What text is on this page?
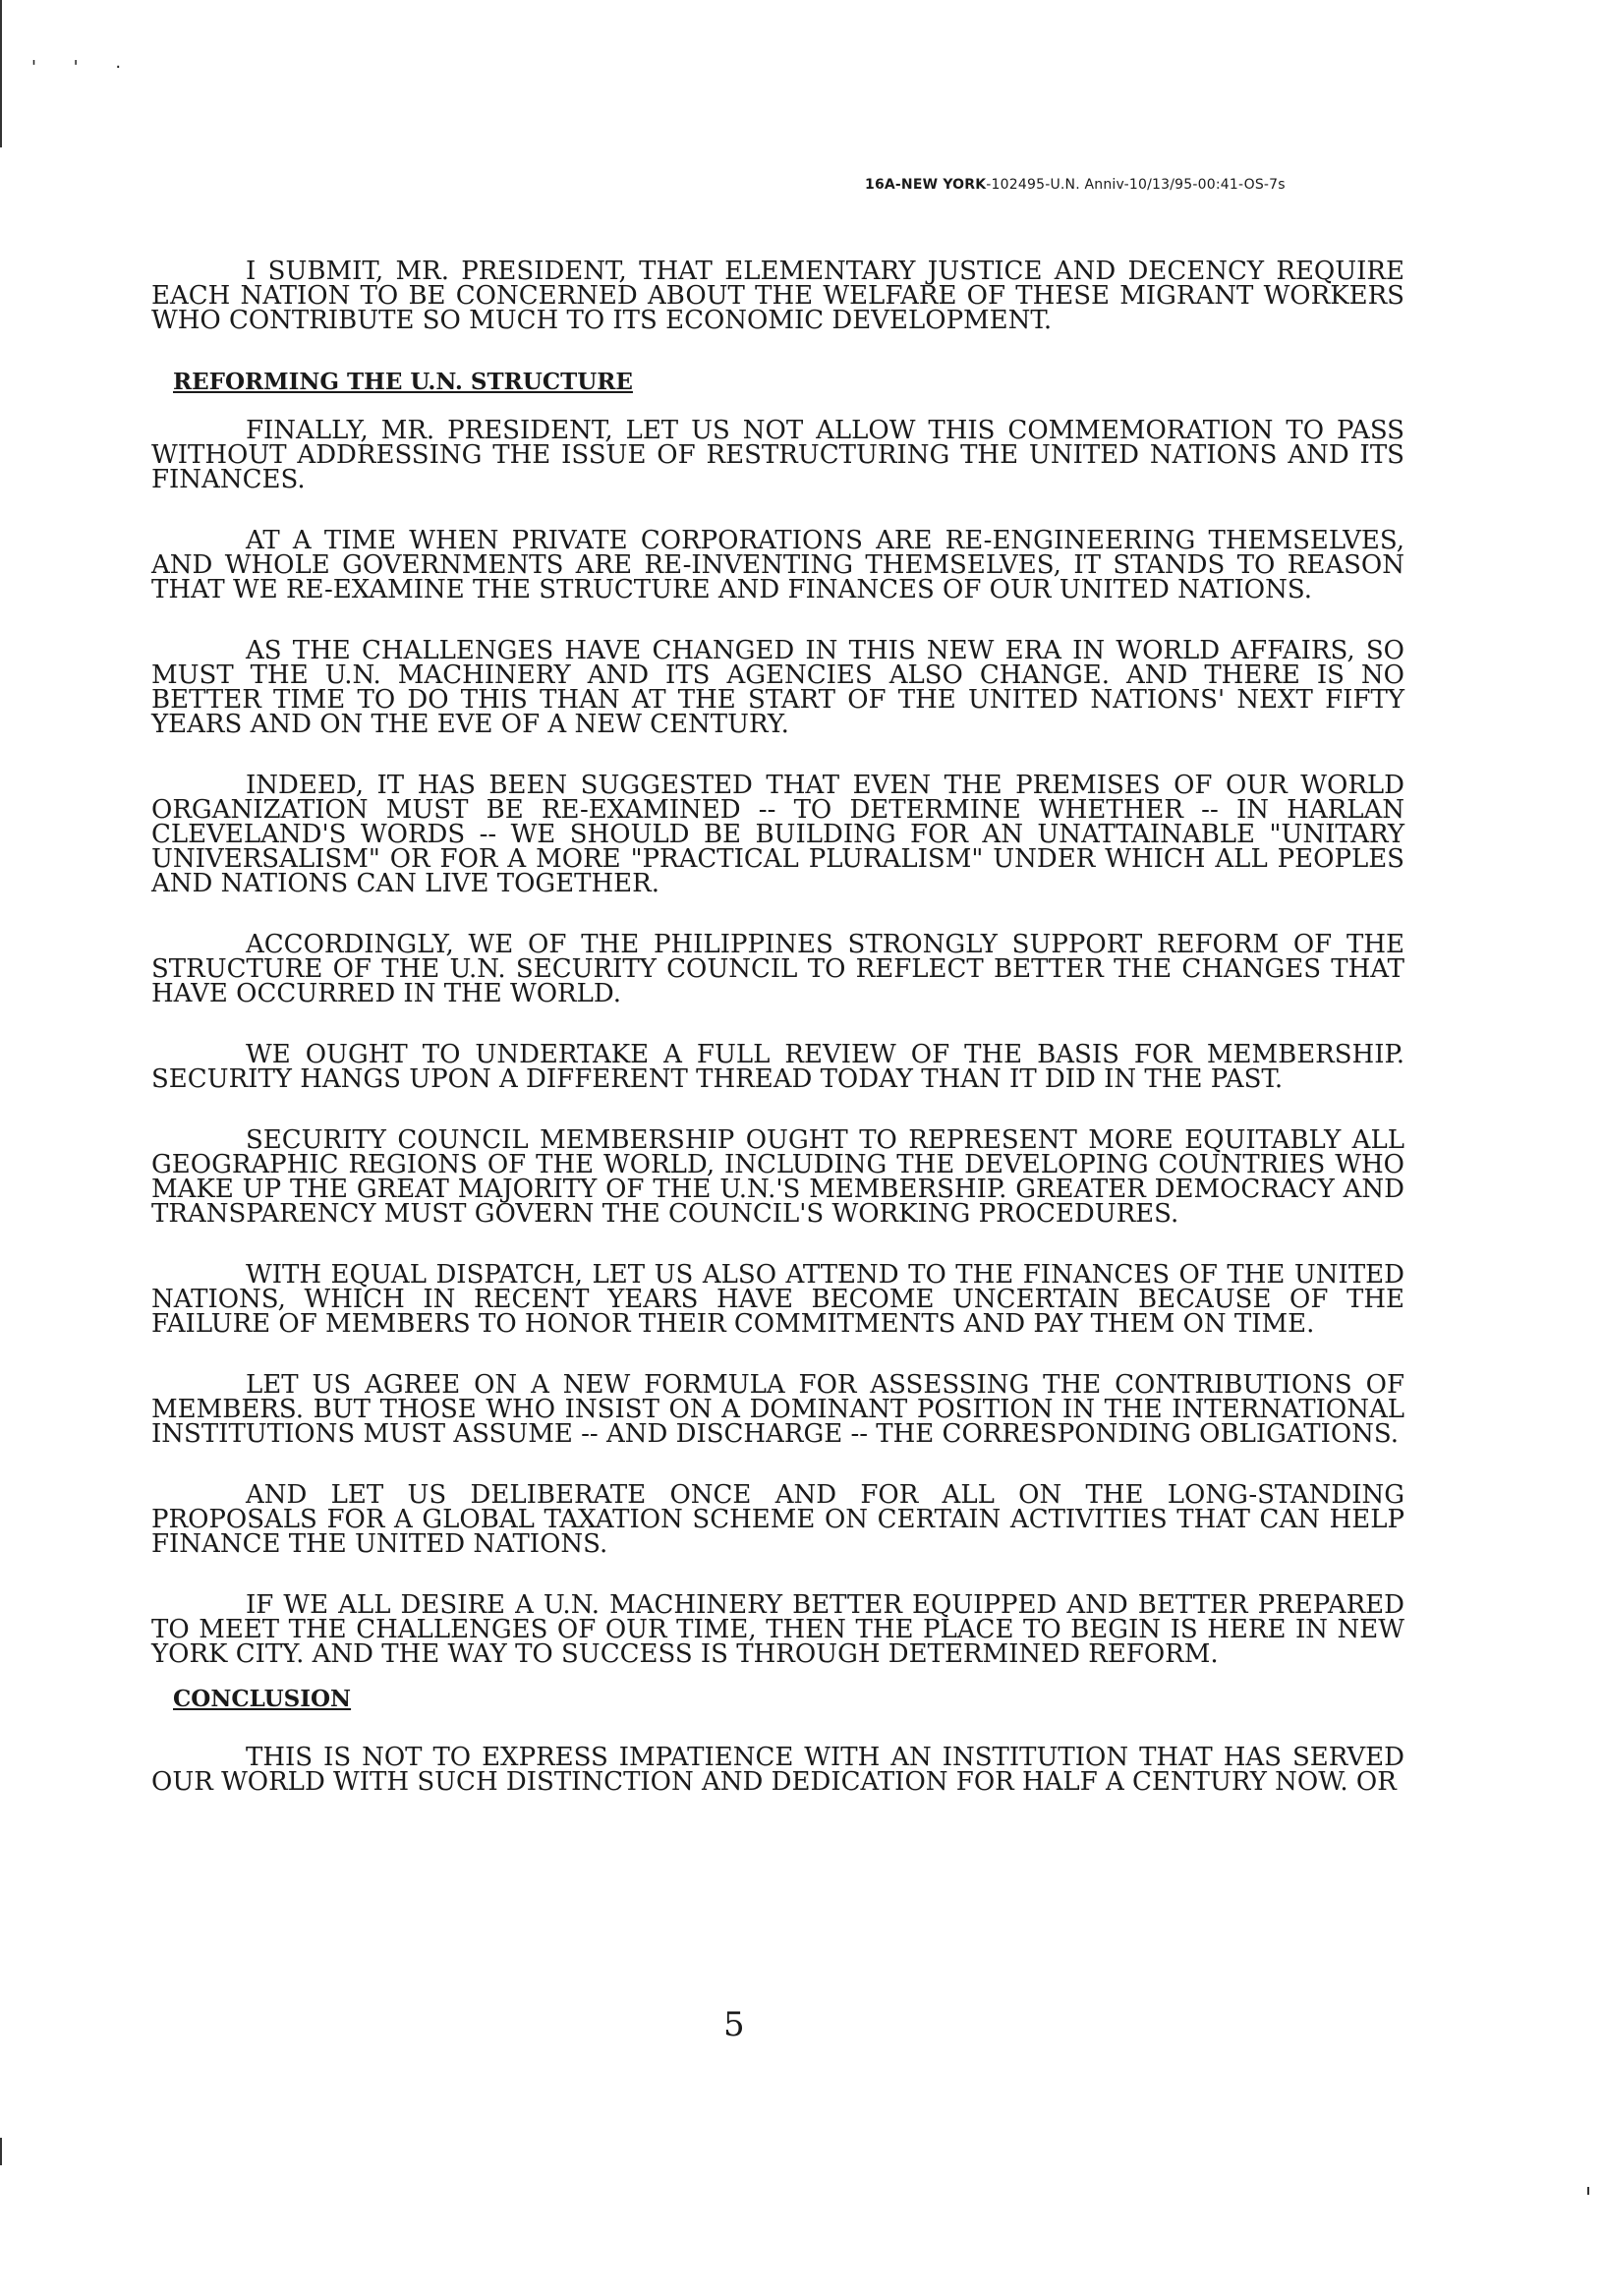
' ' ·
16A-NEW YORK-102495-U.N. Anniv-10/13/95-00:41-OS-7s

I SUBMIT, MR. PRESIDENT, THAT ELEMENTARY JUSTICE AND DECENCY REQUIRE EACH NATION TO BE CONCERNED ABOUT THE WELFARE OF THESE MIGRANT WORKERS WHO CONTRIBUTE SO MUCH TO ITS ECONOMIC DEVELOPMENT.

REFORMING THE U.N. STRUCTURE

FINALLY, MR. PRESIDENT, LET US NOT ALLOW THIS COMMEMORATION TO PASS WITHOUT ADDRESSING THE ISSUE OF RESTRUCTURING THE UNITED NATIONS AND ITS FINANCES.

AT A TIME WHEN PRIVATE CORPORATIONS ARE RE-ENGINEERING THEMSELVES, AND WHOLE GOVERNMENTS ARE RE-INVENTING THEMSELVES, IT STANDS TO REASON THAT WE RE-EXAMINE THE STRUCTURE AND FINANCES OF OUR UNITED NATIONS.

AS THE CHALLENGES HAVE CHANGED IN THIS NEW ERA IN WORLD AFFAIRS, SO MUST THE U.N. MACHINERY AND ITS AGENCIES ALSO CHANGE. AND THERE IS NO BETTER TIME TO DO THIS THAN AT THE START OF THE UNITED NATIONS' NEXT FIFTY YEARS AND ON THE EVE OF A NEW CENTURY.

INDEED, IT HAS BEEN SUGGESTED THAT EVEN THE PREMISES OF OUR WORLD ORGANIZATION MUST BE RE-EXAMINED -- TO DETERMINE WHETHER -- IN HARLAN CLEVELAND'S WORDS -- WE SHOULD BE BUILDING FOR AN UNATTAINABLE "UNITARY UNIVERSALISM" OR FOR A MORE "PRACTICAL PLURALISM" UNDER WHICH ALL PEOPLES AND NATIONS CAN LIVE TOGETHER.

ACCORDINGLY, WE OF THE PHILIPPINES STRONGLY SUPPORT REFORM OF THE STRUCTURE OF THE U.N. SECURITY COUNCIL TO REFLECT BETTER THE CHANGES THAT HAVE OCCURRED IN THE WORLD.

WE OUGHT TO UNDERTAKE A FULL REVIEW OF THE BASIS FOR MEMBERSHIP. SECURITY HANGS UPON A DIFFERENT THREAD TODAY THAN IT DID IN THE PAST.

SECURITY COUNCIL MEMBERSHIP OUGHT TO REPRESENT MORE EQUITABLY ALL GEOGRAPHIC REGIONS OF THE WORLD, INCLUDING THE DEVELOPING COUNTRIES WHO MAKE UP THE GREAT MAJORITY OF THE U.N.'S MEMBERSHIP. GREATER DEMOCRACY AND TRANSPARENCY MUST GOVERN THE COUNCIL'S WORKING PROCEDURES.

WITH EQUAL DISPATCH, LET US ALSO ATTEND TO THE FINANCES OF THE UNITED NATIONS, WHICH IN RECENT YEARS HAVE BECOME UNCERTAIN BECAUSE OF THE FAILURE OF MEMBERS TO HONOR THEIR COMMITMENTS AND PAY THEM ON TIME.

LET US AGREE ON A NEW FORMULA FOR ASSESSING THE CONTRIBUTIONS OF MEMBERS. BUT THOSE WHO INSIST ON A DOMINANT POSITION IN THE INTERNATIONAL INSTITUTIONS MUST ASSUME -- AND DISCHARGE -- THE CORRESPONDING OBLIGATIONS.

AND LET US DELIBERATE ONCE AND FOR ALL ON THE LONG-STANDING PROPOSALS FOR A GLOBAL TAXATION SCHEME ON CERTAIN ACTIVITIES THAT CAN HELP FINANCE THE UNITED NATIONS.

IF WE ALL DESIRE A U.N. MACHINERY BETTER EQUIPPED AND BETTER PREPARED TO MEET THE CHALLENGES OF OUR TIME, THEN THE PLACE TO BEGIN IS HERE IN NEW YORK CITY. AND THE WAY TO SUCCESS IS THROUGH DETERMINED REFORM.

CONCLUSION

THIS IS NOT TO EXPRESS IMPATIENCE WITH AN INSTITUTION THAT HAS SERVED OUR WORLD WITH SUCH DISTINCTION AND DEDICATION FOR HALF A CENTURY NOW. OR

5
